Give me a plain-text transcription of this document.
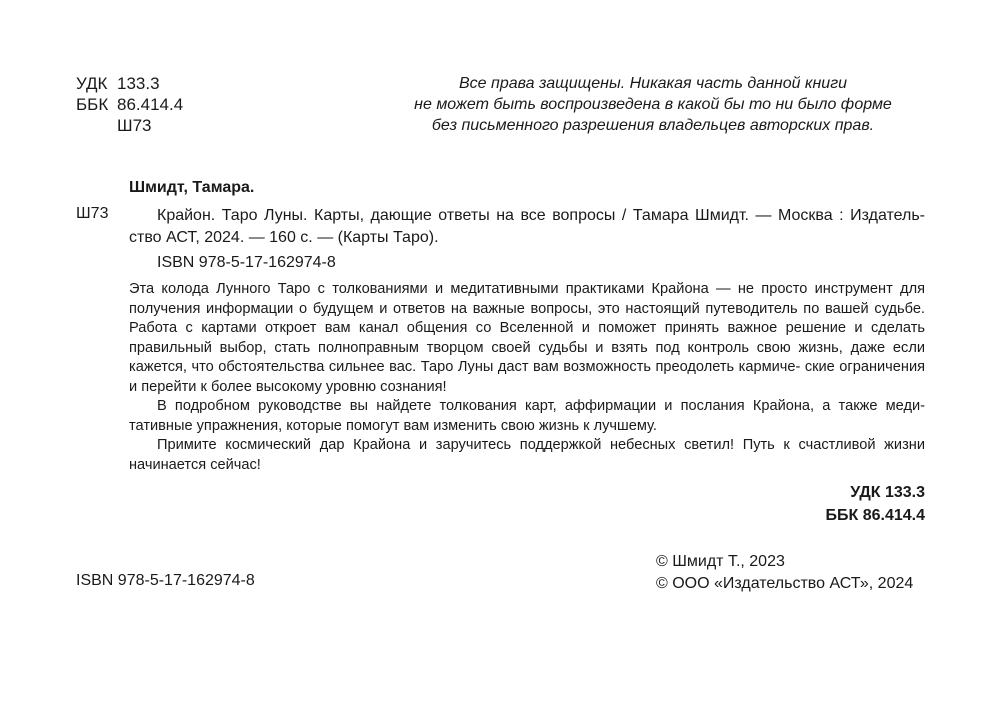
УДК 133.3
ББК 86.414.4
Ш73
Все права защищены. Никакая часть данной книги
не может быть воспроизведена в какой бы то ни было форме
без письменного разрешения владельцев авторских прав.
Шмидт, Тамара.
Ш73	Крайон. Таро Луны. Карты, дающие ответы на все вопросы / Тамара Шмидт. — Москва : Издатель- ство АСТ, 2024. — 160 с. — (Карты Таро).
ISBN 978-5-17-162974-8

Эта колода Лунного Таро с толкованиями и медитативными практиками Крайона — не просто инструмент для получения информации о будущем и ответов на важные вопросы, это настоящий путеводитель по вашей судьбе. Работа с картами откроет вам канал общения со Вселенной и поможет принять важное решение и сделать правильный выбор, стать полноправным творцом своей судьбы и взять под контроль свою жизнь, даже если кажется, что обстоятельства сильнее вас. Таро Луны даст вам возможность преодолеть кармиче- ские ограничения и перейти к более высокому уровню сознания!

В подробном руководстве вы найдете толкования карт, аффирмации и послания Крайона, а также меди- тативные упражнения, которые помогут вам изменить свою жизнь к лучшему.

Примите космический дар Крайона и заручитесь поддержкой небесных светил! Путь к счастливой жизни начинается сейчас!

УДК 133.3
ББК 86.414.4
ISBN 978-5-17-162974-8
© Шмидт Т., 2023
© ООО «Издательство АСТ», 2024
